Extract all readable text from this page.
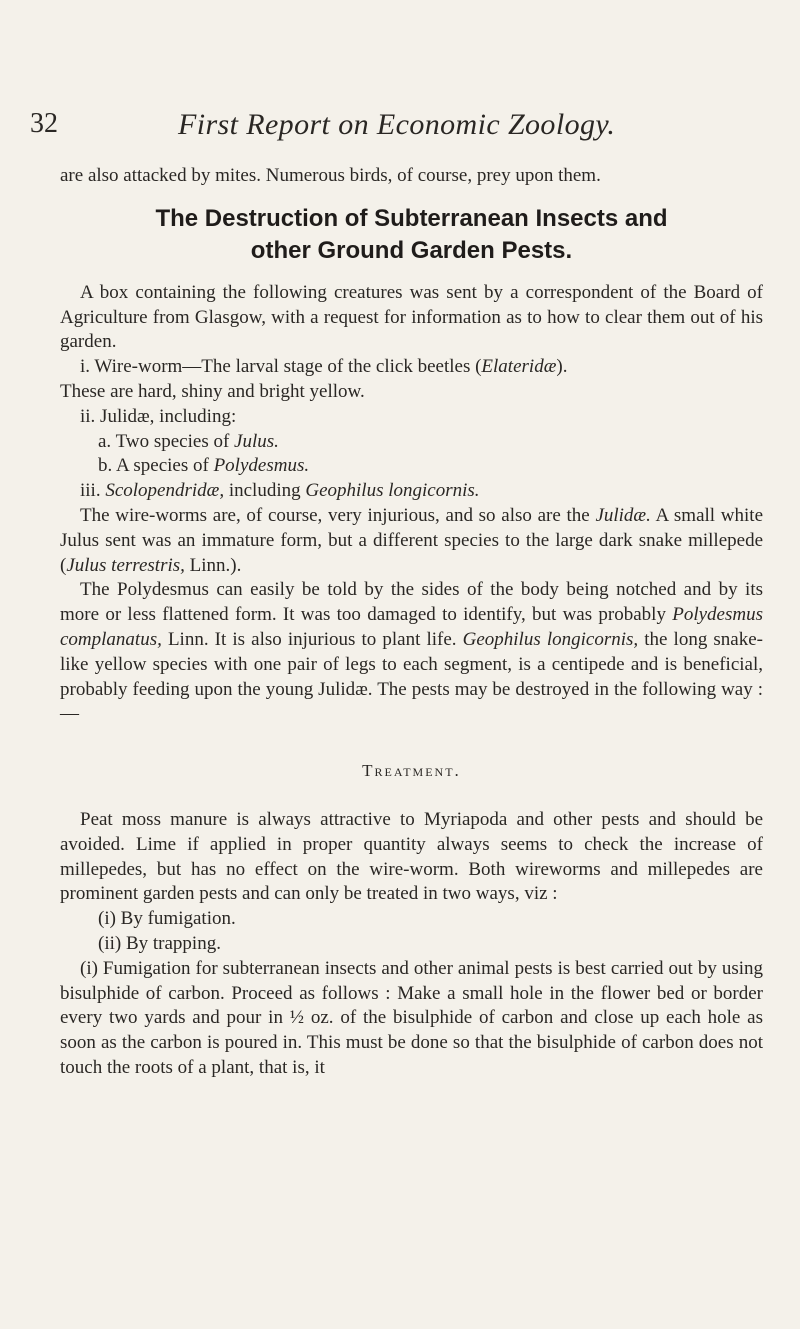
32	First Report on Economic Zoology.

are also attacked by mites. Numerous birds, of course, prey upon them.

The Destruction of Subterranean Insects and
other Ground Garden Pests.

A box containing the following creatures was sent by a correspondent of the Board of Agriculture from Glasgow, with a request for information as to how to clear them out of his garden.

i. Wire-worm—The larval stage of the click beetles (Elateridæ).

These are hard, shiny and bright yellow.

ii. Julidæ, including:

a. Two species of Julus.

b. A species of Polydesmus.

iii. Scolopendridæ, including Geophilus longicornis.

The wire-worms are, of course, very injurious, and so also are the Julidæ. A small white Julus sent was an immature form, but a different species to the large dark snake millepede (Julus terrestris, Linn.).

The Polydesmus can easily be told by the sides of the body being notched and by its more or less flattened form. It was too damaged to identify, but was probably Polydesmus complanatus, Linn. It is also injurious to plant life. Geophilus longicornis, the long snake-like yellow species with one pair of legs to each segment, is a centipede and is beneficial, probably feeding upon the young Julidæ. The pests may be destroyed in the following way :—

Treatment.

Peat moss manure is always attractive to Myriapoda and other pests and should be avoided. Lime if applied in proper quantity always seems to check the increase of millepedes, but has no effect on the wire-worm. Both wireworms and millepedes are prominent garden pests and can only be treated in two ways, viz :

(i) By fumigation.

(ii) By trapping.

(i) Fumigation for subterranean insects and other animal pests is best carried out by using bisulphide of carbon. Proceed as follows : Make a small hole in the flower bed or border every two yards and pour in ½ oz. of the bisulphide of carbon and close up each hole as soon as the carbon is poured in. This must be done so that the bisulphide of carbon does not touch the roots of a plant, that is, it
